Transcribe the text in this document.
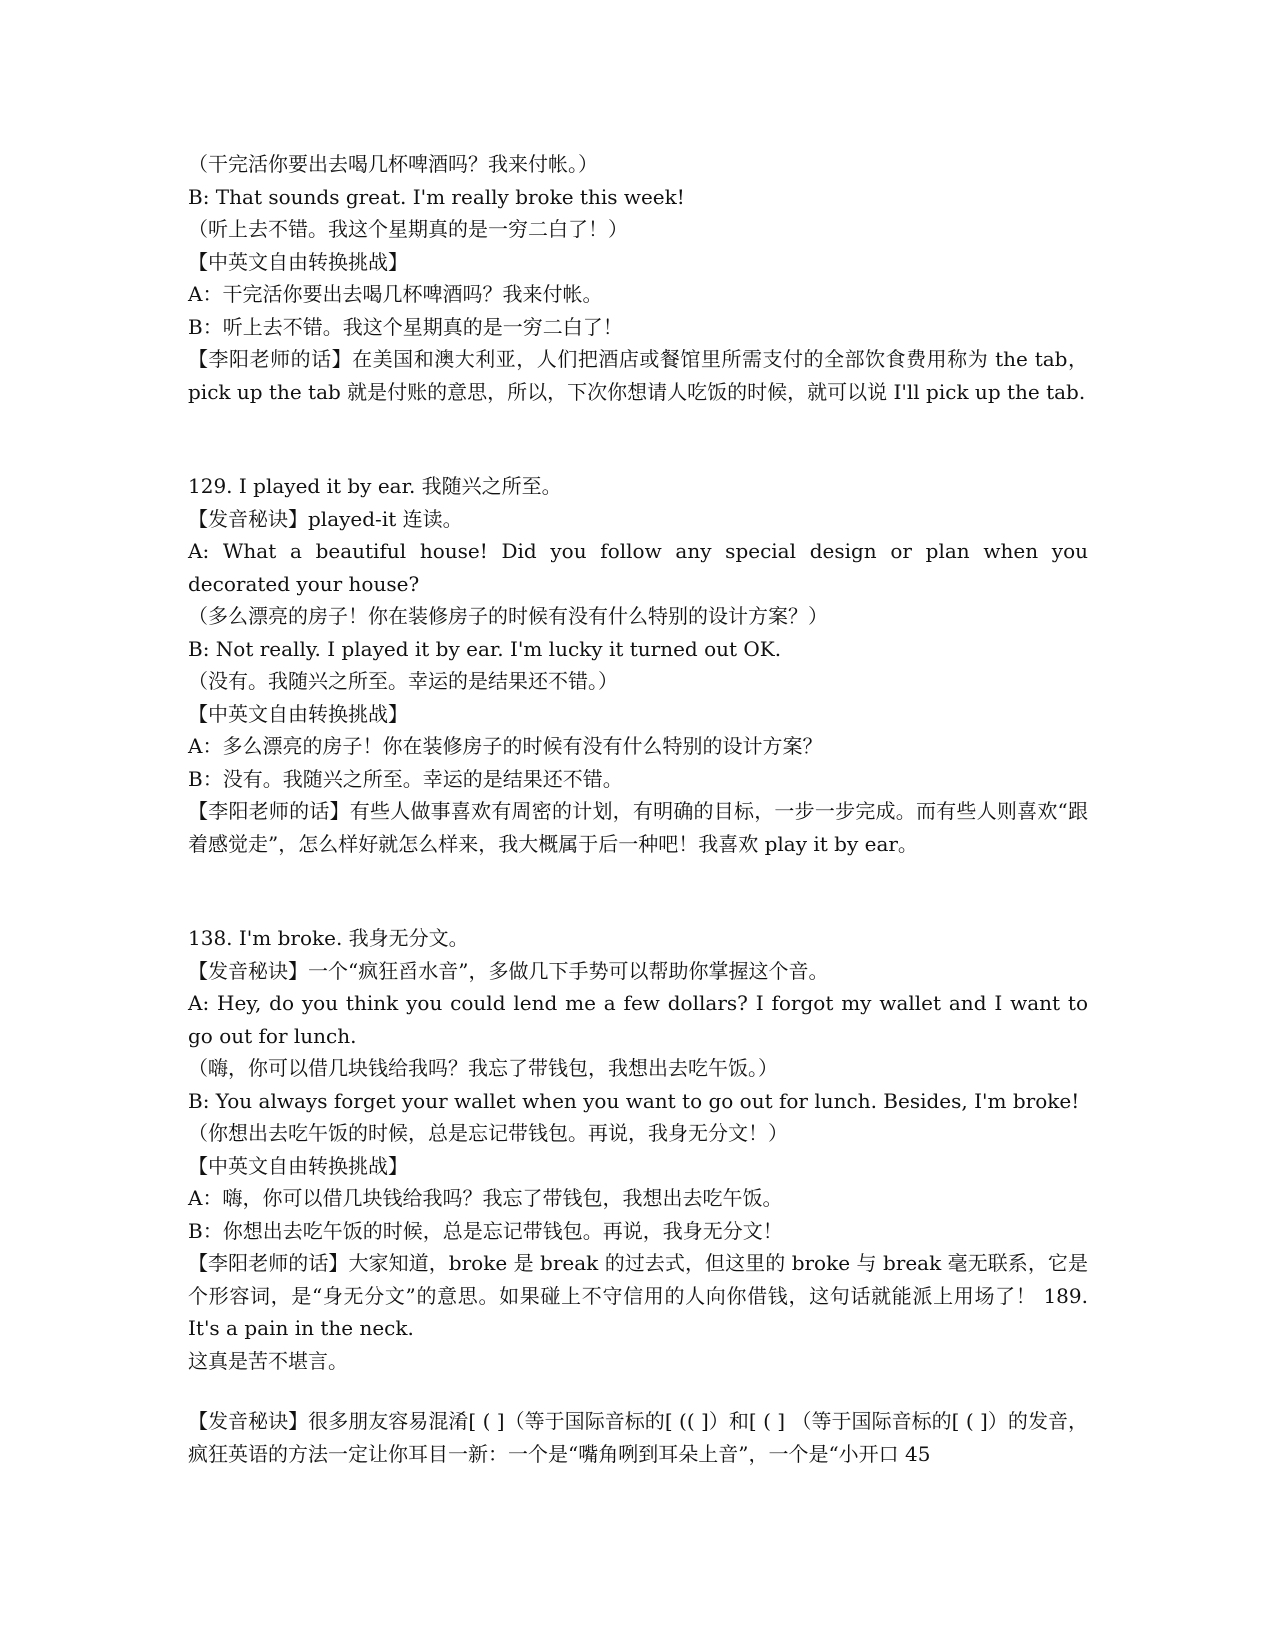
（干完活你要出去喝几杯啤酒吗？我来付帐。）

B: That sounds great. I'm really broke this week!

（听上去不错。我这个星期真的是一穷二白了！）

【中英文自由转换挑战】

A：干完活你要出去喝几杯啤酒吗？我来付帐。

B：听上去不错。我这个星期真的是一穷二白了！

【李阳老师的话】在美国和澳大利亚，人们把酒店或餐馆里所需支付的全部饮食费用称为 the tab，pick up the tab 就是付账的意思，所以，下次你想请人吃饭的时候，就可以说 I'll pick up the tab.

129. I played it by ear. 我随兴之所至。

【发音秘诀】played-it 连读。

A: What a beautiful house! Did you follow any special design or plan when you decorated your house?

（多么漂亮的房子！你在装修房子的时候有没有什么特别的设计方案？）

B: Not really. I played it by ear. I'm lucky it turned out OK.

（没有。我随兴之所至。幸运的是结果还不错。）

【中英文自由转换挑战】

A：多么漂亮的房子！你在装修房子的时候有没有什么特别的设计方案？

B：没有。我随兴之所至。幸运的是结果还不错。

【李阳老师的话】有些人做事喜欢有周密的计划，有明确的目标，一步一步完成。而有些人则喜欢“跟着感觉走”，怎么样好就怎么样来，我大概属于后一种吧！我喜欢 play it by ear。

138. I'm broke. 我身无分文。

【发音秘诀】一个“疯狂舀水音”，多做几下手势可以帮助你掌握这个音。

A: Hey, do you think you could lend me a few dollars? I forgot my wallet and I want to go out for lunch.

（嗨，你可以借几块钱给我吗？我忘了带钱包，我想出去吃午饭。）

B: You always forget your wallet when you want to go out for lunch. Besides, I'm broke!

（你想出去吃午饭的时候，总是忘记带钱包。再说，我身无分文！）

【中英文自由转换挑战】

A：嗨，你可以借几块钱给我吗？我忘了带钱包，我想出去吃午饭。

B：你想出去吃午饭的时候，总是忘记带钱包。再说，我身无分文！

【李阳老师的话】大家知道，broke 是 break 的过去式，但这里的 broke 与 break 毫无联系，它是个形容词，是“身无分文”的意思。如果碰上不守信用的人向你借钱，这句话就能派上用场了！ 189. It's a pain in the neck.

这真是苦不堪言。

【发音秘诀】很多朋友容易混淆[ ( ]（等于国际音标的[ (( ]）和[ ( ] （等于国际音标的[ ( ]）的发音，疯狂英语的方法一定让你耳目一新：一个是“嘴角咧到耳朵上音”，一个是“小开口 45
